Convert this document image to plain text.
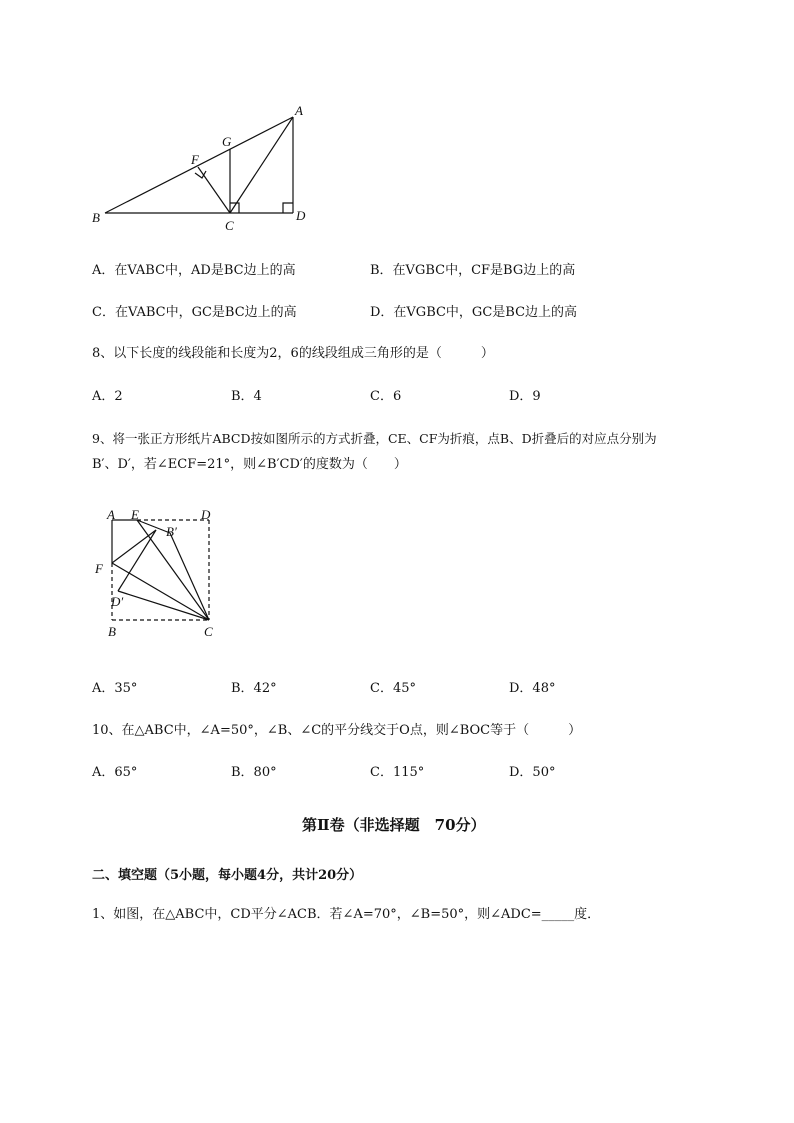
A
G
F
B
C
D
A．在VABC中，AD是BC边上的高	B．在VGBC中，CF是BG边上的高
C．在VABC中，GC是BC边上的高	D．在VGBC中，GC是BC边上的高
8、以下长度的线段能和长度为2，6的线段组成三角形的是（　　　）
A．2	B．4	C．6	D．9
9、将一张正方形纸片ABCD按如图所示的方式折叠，CE、CF为折痕，点B、D折叠后的对应点分别为
B′、D′，若∠ECF=21°，则∠B′CD′的度数为（　　）
A E	D
B′
F
D′
B	C
A．35°	B．42°	C．45°	D．48°
10、在△ABC中，∠A=50°，∠B、∠C的平分线交于O点，则∠BOC等于（　　　）
A．65°	B．80°	C．115°	D．50°
第Ⅱ卷（非选择题　70分）
二、填空题（5小题，每小题4分，共计20分）
1、如图，在△ABC中，CD平分∠ACB．若∠A=70°，∠B=50°，则∠ADC=_____度．
